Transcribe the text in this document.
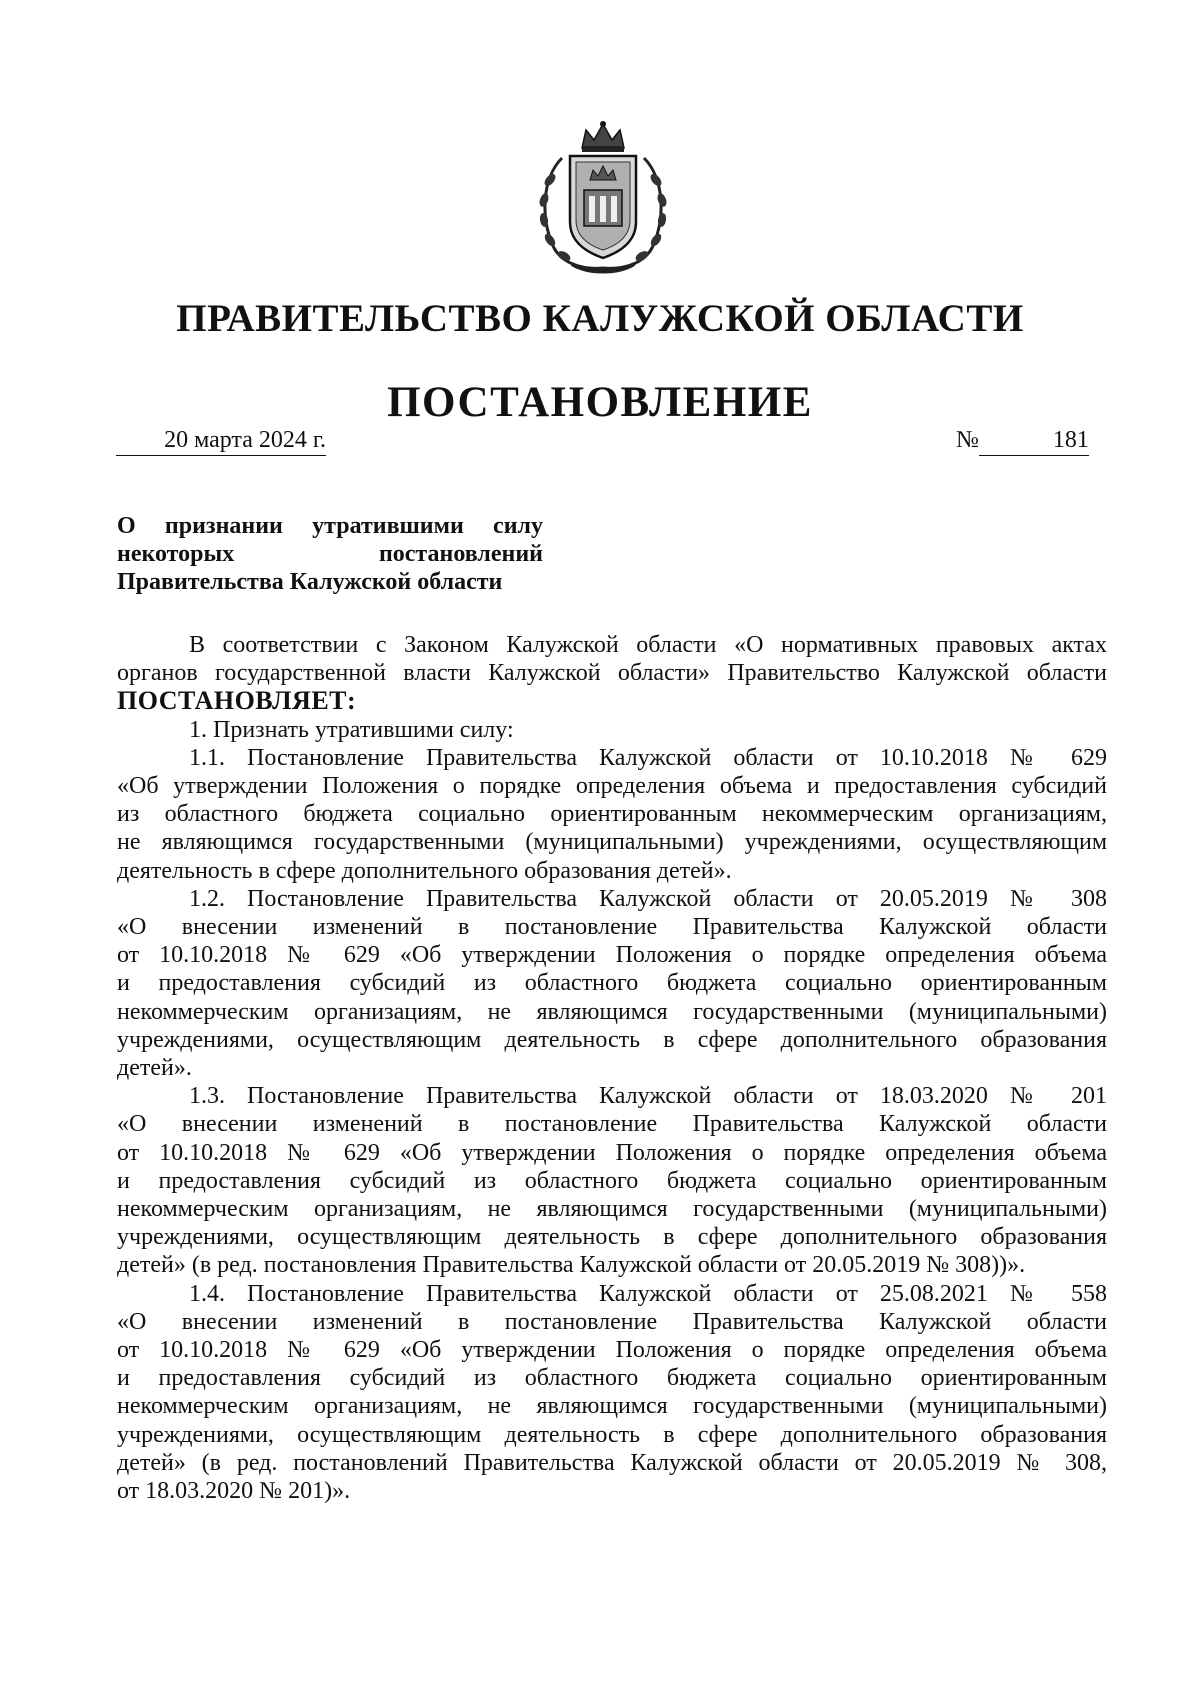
ПРАВИТЕЛЬСТВО КАЛУЖСКОЙ ОБЛАСТИ
ПОСТАНОВЛЕНИЕ
20 марта 2024 г.	№	181
О признании утратившими силу
некоторых постановлений
Правительства Калужской области
В соответствии с Законом Калужской области «О нормативных правовых актах
органов государственной власти Калужской области» Правительство Калужской области
ПОСТАНОВЛЯЕТ:
1. Признать утратившими силу:
1.1. Постановление Правительства Калужской области от 10.10.2018 № 629
«Об утверждении Положения о порядке определения объема и предоставления субсидий
из областного бюджета социально ориентированным некоммерческим организациям,
не являющимся государственными (муниципальными) учреждениями, осуществляющим
деятельность в сфере дополнительного образования детей».
1.2. Постановление Правительства Калужской области от 20.05.2019 № 308
«О внесении изменений в постановление Правительства Калужской области
от 10.10.2018 № 629 «Об утверждении Положения о порядке определения объема
и предоставления субсидий из областного бюджета социально ориентированным
некоммерческим организациям, не являющимся государственными (муниципальными)
учреждениями, осуществляющим деятельность в сфере дополнительного образования
детей».
1.3. Постановление Правительства Калужской области от 18.03.2020 № 201
«О внесении изменений в постановление Правительства Калужской области
от 10.10.2018 № 629 «Об утверждении Положения о порядке определения объема
и предоставления субсидий из областного бюджета социально ориентированным
некоммерческим организациям, не являющимся государственными (муниципальными)
учреждениями, осуществляющим деятельность в сфере дополнительного образования
детей» (в ред. постановления Правительства Калужской области от 20.05.2019 № 308))».
1.4. Постановление Правительства Калужской области от 25.08.2021 № 558
«О внесении изменений в постановление Правительства Калужской области
от 10.10.2018 № 629 «Об утверждении Положения о порядке определения объема
и предоставления субсидий из областного бюджета социально ориентированным
некоммерческим организациям, не являющимся государственными (муниципальными)
учреждениями, осуществляющим деятельность в сфере дополнительного образования
детей» (в ред. постановлений Правительства Калужской области от 20.05.2019 № 308,
от 18.03.2020 № 201)».
